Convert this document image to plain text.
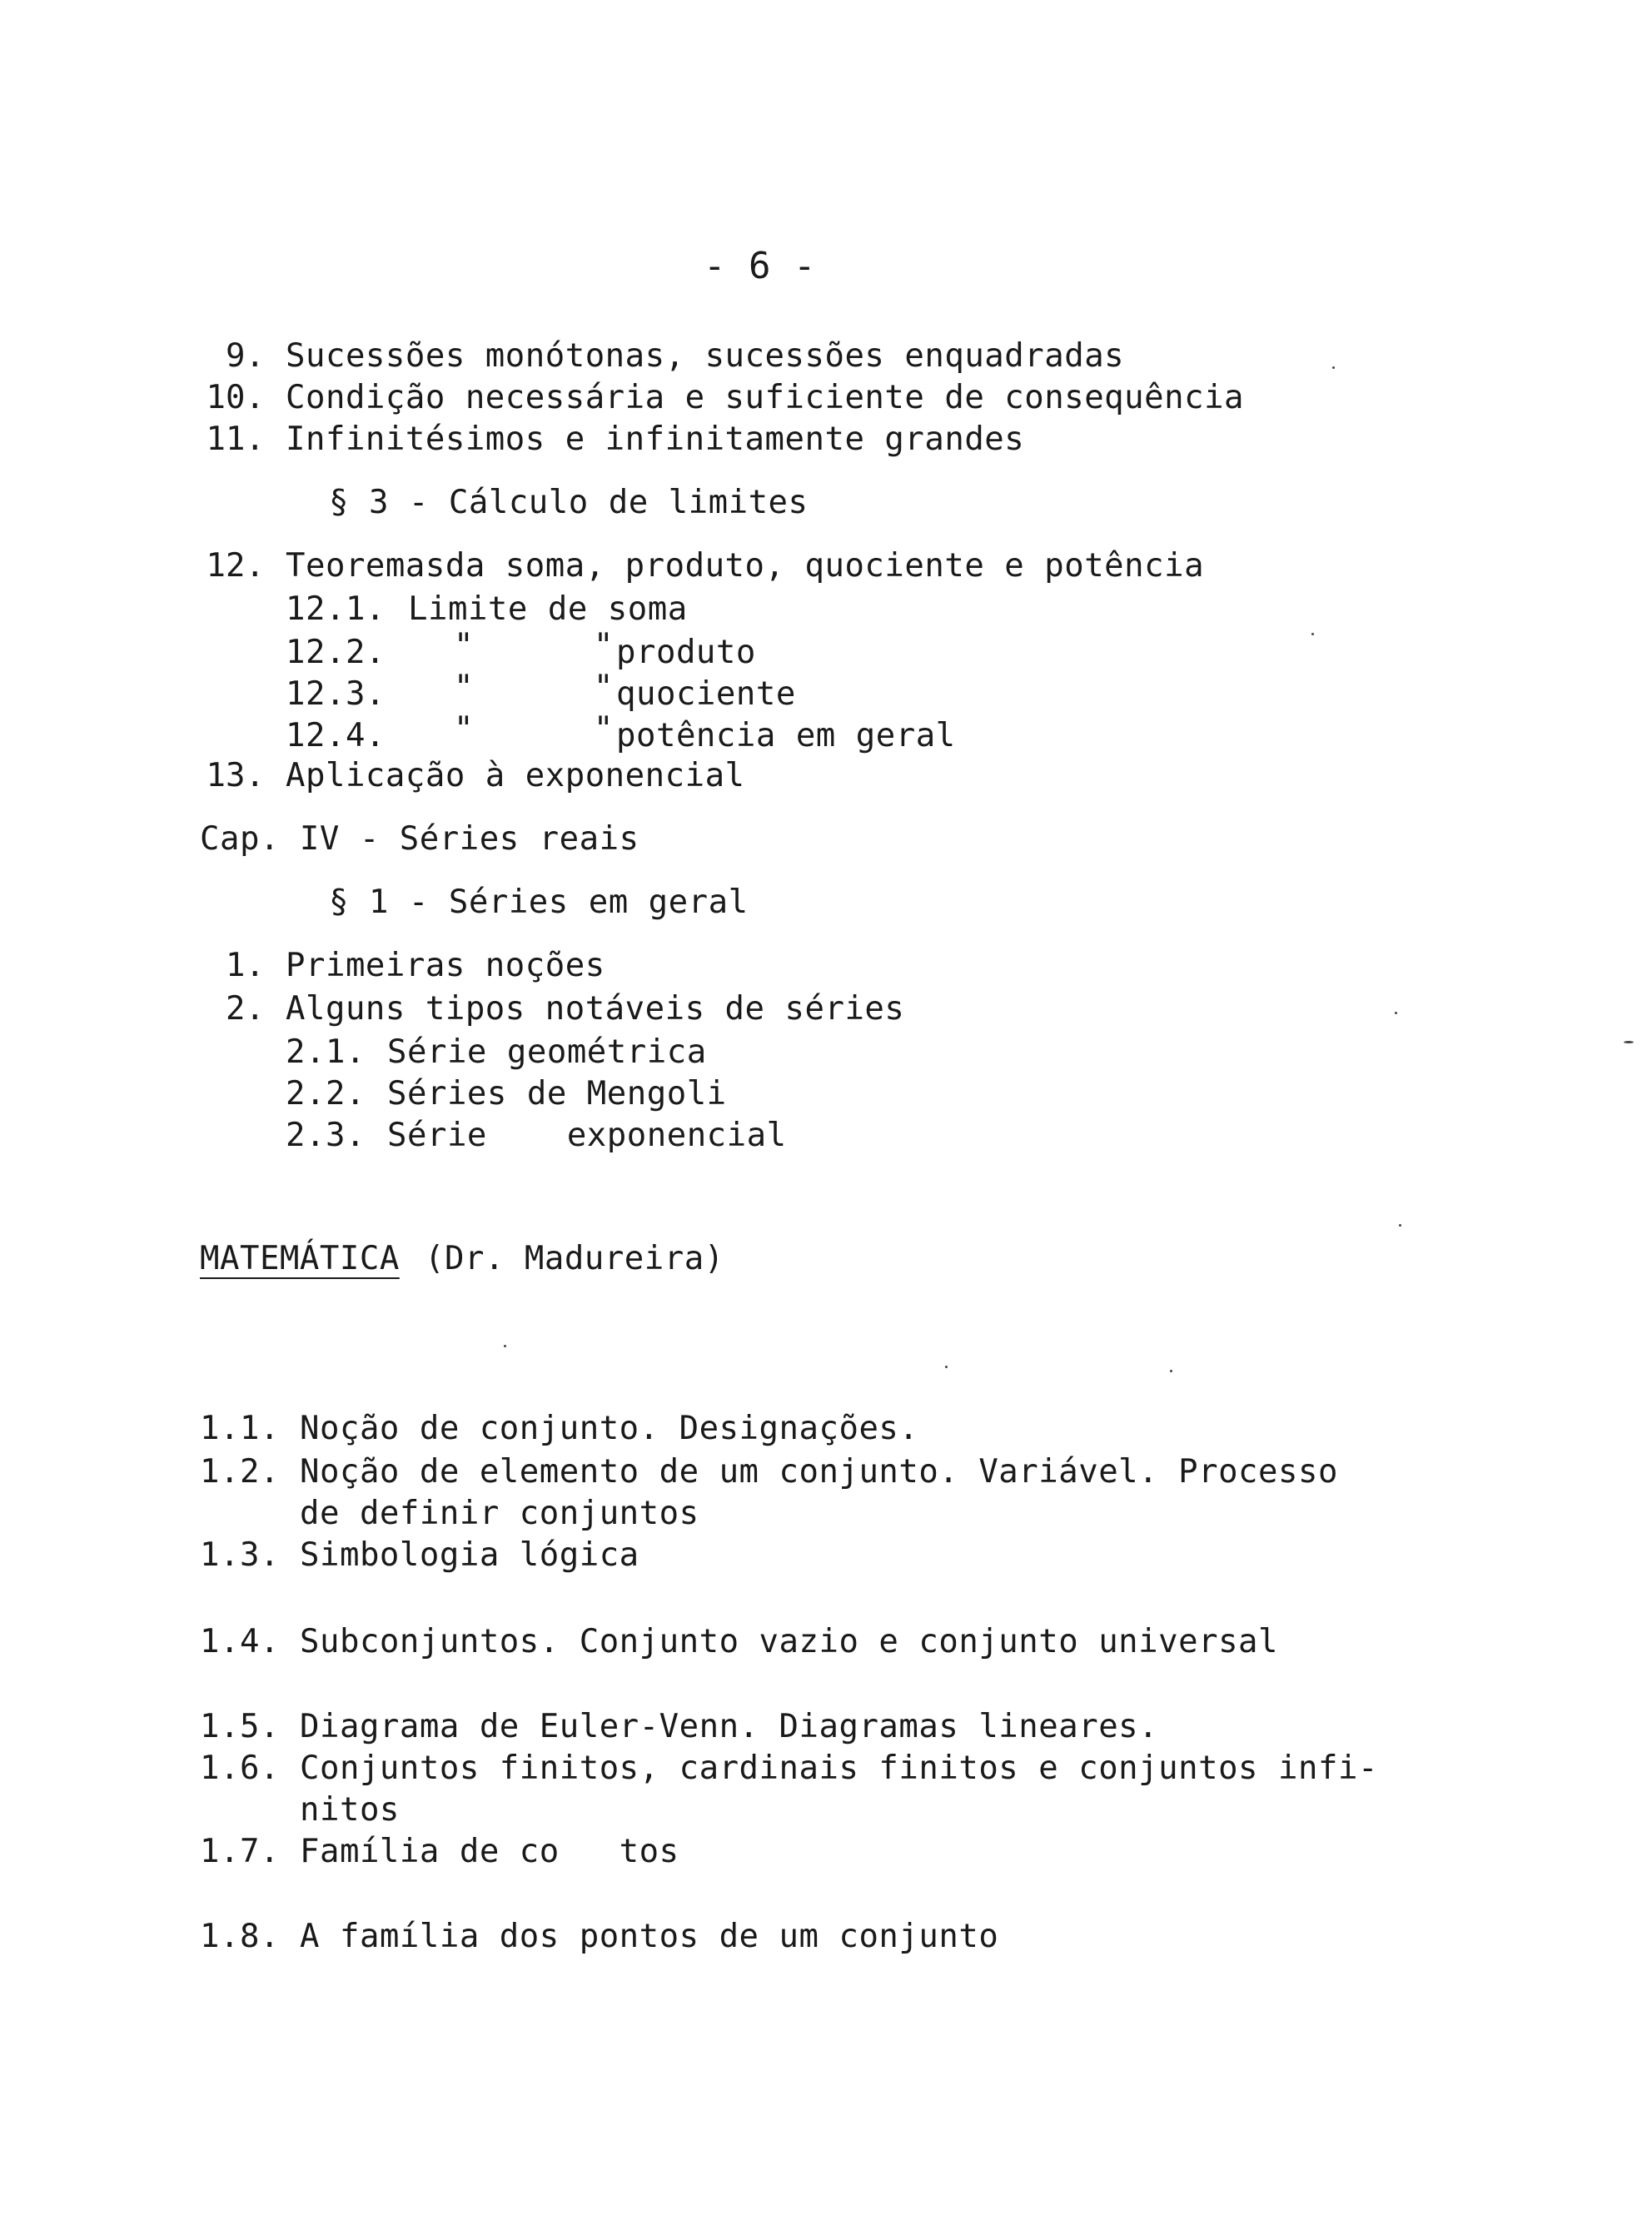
- 6 -
9. Sucessões monótonas, sucessões enquadradas
10. Condição necessária e suficiente de consequência
11. Infinitésimos e infinitamente grandes
§ 3 - Cálculo de limites
12. Teoremasda soma, produto, quociente e potência
12.1. Limite de soma
12.2. "      " produto
12.3. "      " quociente
12.4. "      " potência em geral
13. Aplicação à exponencial
Cap. IV - Séries reais
§ 1 - Séries em geral
1. Primeiras noções
2. Alguns tipos notáveis de séries
2.1. Série geométrica
2.2. Séries de Mengoli
2.3. Série    exponencial
MATEMÁTICA (Dr. Madureira)
1.1. Noção de conjunto. Designações.
1.2. Noção de elemento de um conjunto. Variável. Processo
de definir conjuntos
1.3. Simbologia lógica
1.4. Subconjuntos. Conjunto vazio e conjunto universal
1.5. Diagrama de Euler-Venn. Diagramas lineares.
1.6. Conjuntos finitos, cardinais finitos e conjuntos infi-
nitos
1.7. Família de co   tos
1.8. A família dos pontos de um conjunto
